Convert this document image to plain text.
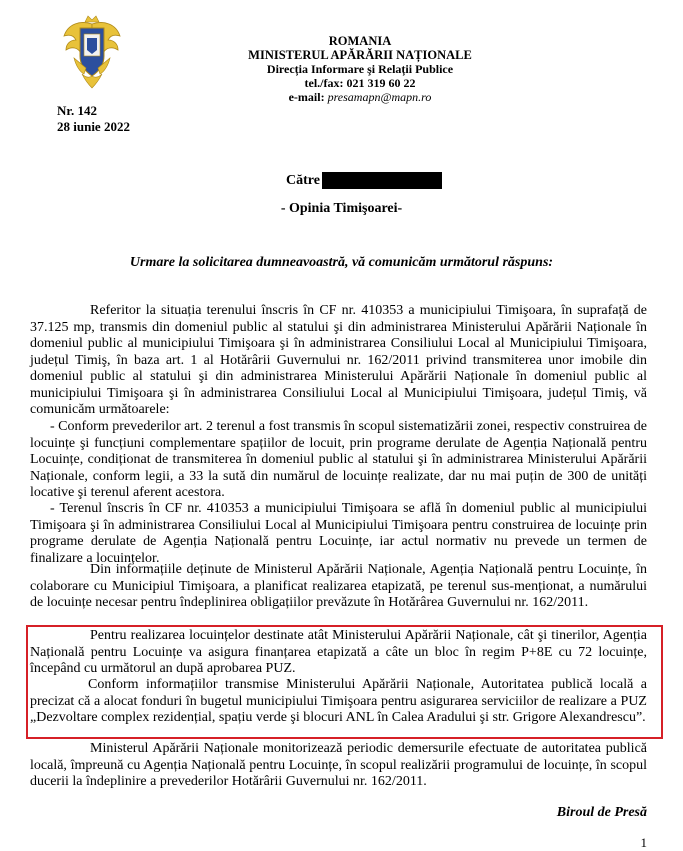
ROMANIA
MINISTERUL APĂRĂRII NAȚIONALE
Direcția Informare şi Relații Publice
tel./fax: 021 319 60 22
e-mail: presamapn@mapn.ro
Nr. 142
28 iunie 2022
Către
- Opinia Timişoarei-
Urmare la solicitarea dumneavoastră, vă comunicăm următorul răspuns:
Referitor la situația terenului înscris în CF nr. 410353 a municipiului Timişoara, în suprafață de 37.125 mp, transmis din domeniul public al statului şi din administrarea Ministerului Apărării Naționale în domeniul public al municipiului Timişoara şi în administrarea Consiliului Local al Municipiului Timişoara, județul Timiş, în baza art. 1 al Hotărârii Guvernului nr. 162/2011 privind transmiterea unor imobile din domeniul public al statului şi din administrarea Ministerului Apărării Naționale în domeniul public al municipiului Timişoara şi în administrarea Consiliului Local al Municipiului Timişoara, județul Timiş, vă comunicăm următoarele:
- Conform prevederilor art. 2 terenul a fost transmis în scopul sistematizării zonei, respectiv construirea de locuințe şi funcțiuni complementare spațiilor de locuit, prin programe derulate de Agenția Națională pentru Locuințe, condiționat de transmiterea în domeniul public al statului şi în administrarea Ministerului Apărării Naționale, conform legii, a 33 la sută din numărul de locuințe realizate, dar nu mai puțin de 300 de unități locative şi terenul aferent acestora.
- Terenul înscris în CF nr. 410353 a municipiului Timişoara se află în domeniul public al municipiului Timişoara şi în administrarea Consiliului Local al Municipiului Timişoara pentru construirea de locuințe prin programe derulate de Agenția Națională pentru Locuințe, iar actul normativ nu prevede un termen de finalizare a locuințelor.
Din informațiile deținute de Ministerul Apărării Naționale, Agenția Națională pentru Locuințe, în colaborare cu Municipiul Timişoara, a planificat realizarea etapizată, pe terenul sus-menționat, a numărului de locuințe necesar pentru îndeplinirea obligațiilor prevăzute în Hotărârea Guvernului nr. 162/2011.
Pentru realizarea locuințelor destinate atât Ministerului Apărării Naționale, cât şi tinerilor, Agenția Națională pentru Locuințe va asigura finanțarea etapizată a câte un bloc în regim P+8E cu 72 locuințe, începând cu următorul an după aprobarea PUZ.
Conform informațiilor transmise Ministerului Apărării Naționale, Autoritatea publică locală a precizat că a alocat fonduri în bugetul municipiului Timişoara pentru asigurarea serviciilor de realizare a PUZ „Dezvoltare complex rezidențial, spațiu verde şi blocuri ANL în Calea Aradului şi str. Grigore Alexandrescu”.
Ministerul Apărării Naționale monitorizează periodic demersurile efectuate de autoritatea publică locală, împreună cu Agenția Națională pentru Locuințe, în scopul realizării programului de locuințe, în scopul ducerii la îndeplinire a prevederilor Hotărârii Guvernului nr. 162/2011.
Biroul de Presă
1
